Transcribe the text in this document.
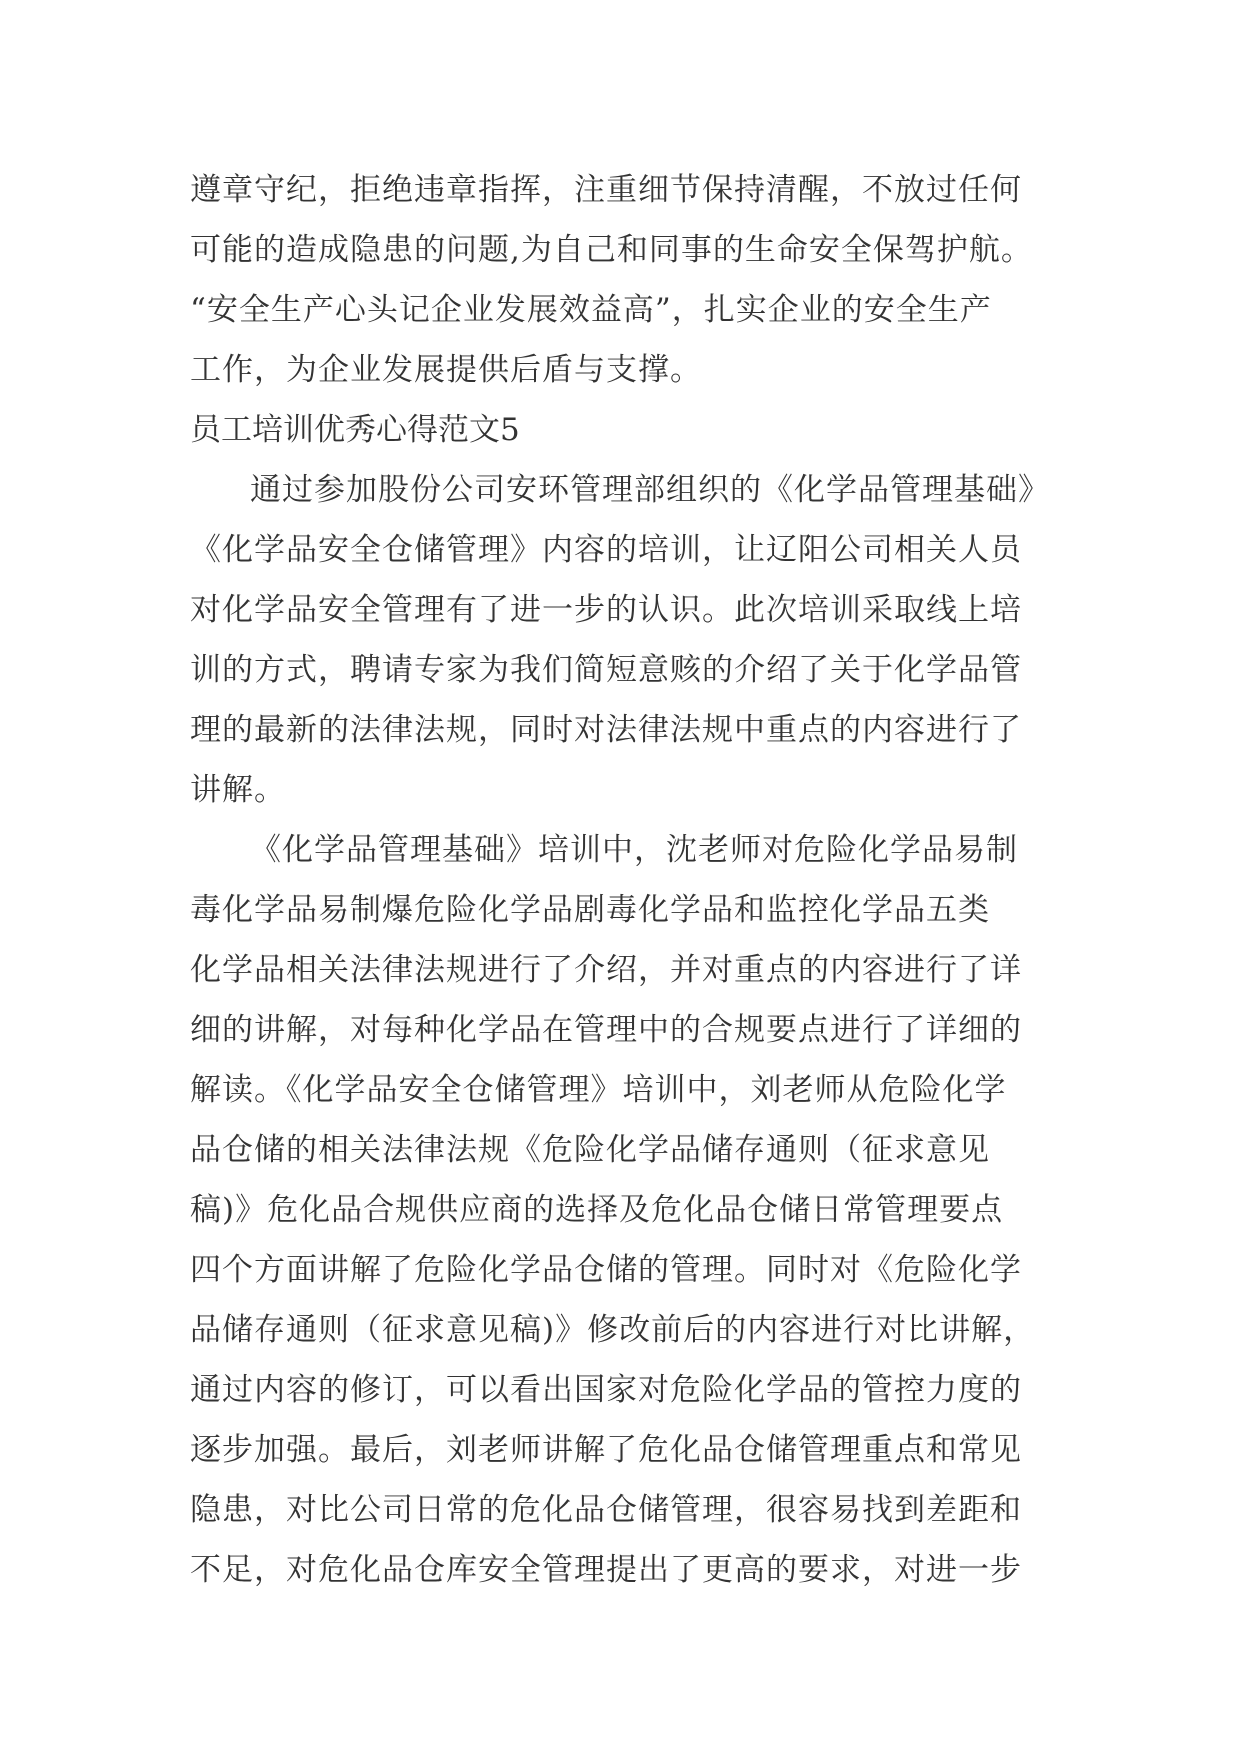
遵章守纪，拒绝违章指挥，注重细节保持清醒，不放过任何
可能的造成隐患的问题,为自己和同事的生命安全保驾护航。
“安全生产心头记企业发展效益高”，扎实企业的安全生产
工作，为企业发展提供后盾与支撑。
员工培训优秀心得范文5
通过参加股份公司安环管理部组织的《化学品管理基础》
《化学品安全仓储管理》内容的培训，让辽阳公司相关人员
对化学品安全管理有了进一步的认识。此次培训采取线上培
训的方式，聘请专家为我们简短意赅的介绍了关于化学品管
理的最新的法律法规，同时对法律法规中重点的内容进行了
讲解。
《化学品管理基础》培训中，沈老师对危险化学品易制
毒化学品易制爆危险化学品剧毒化学品和监控化学品五类
化学品相关法律法规进行了介绍，并对重点的内容进行了详
细的讲解，对每种化学品在管理中的合规要点进行了详细的
解读。《化学品安全仓储管理》培训中，刘老师从危险化学
品仓储的相关法律法规《危险化学品储存通则（征求意见
稿)》危化品合规供应商的选择及危化品仓储日常管理要点
四个方面讲解了危险化学品仓储的管理。同时对《危险化学
品储存通则（征求意见稿)》修改前后的内容进行对比讲解，
通过内容的修订，可以看出国家对危险化学品的管控力度的
逐步加强。最后，刘老师讲解了危化品仓储管理重点和常见
隐患，对比公司日常的危化品仓储管理，很容易找到差距和
不足，对危化品仓库安全管理提出了更高的要求，对进一步
